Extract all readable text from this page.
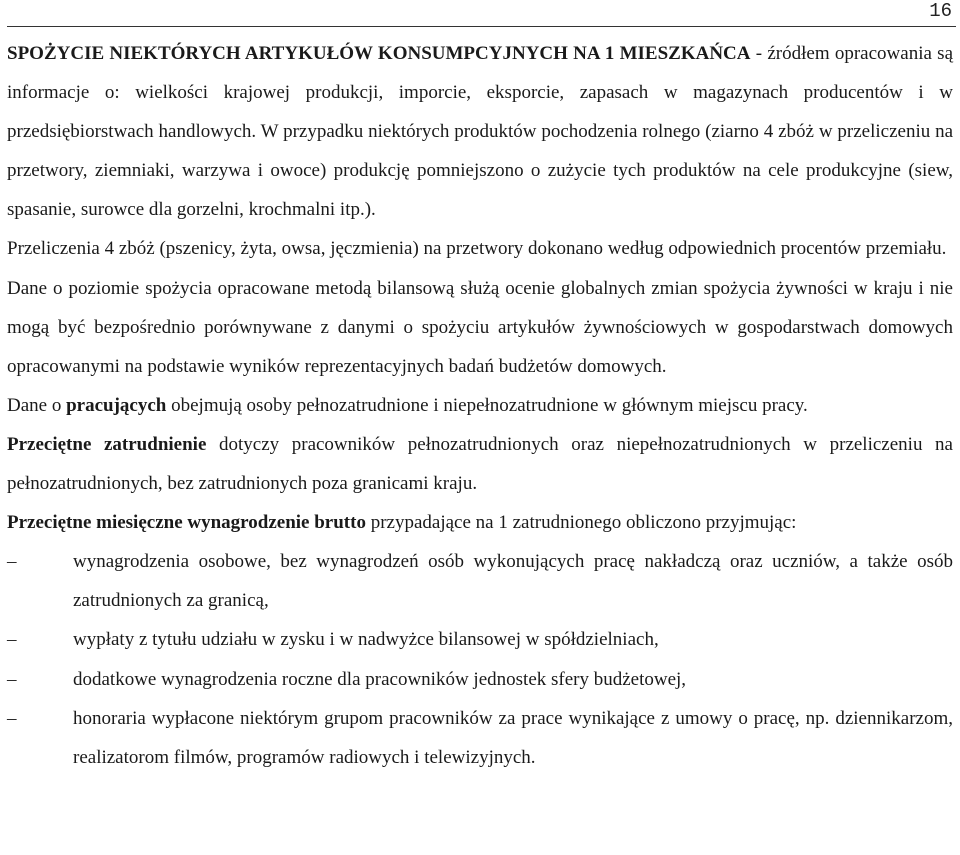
16

SPOŻYCIE NIEKTÓRYCH ARTYKUŁÓW KONSUMPCYJNYCH NA 1 MIESZKAŃCA - źródłem opracowania są informacje o: wielkości krajowej produkcji, imporcie, eksporcie, zapasach w magazynach producentów i w przedsiębiorstwach handlowych. W przypadku niektórych produktów pochodzenia rolnego (ziarno 4 zbóż w przeliczeniu na przetwory, ziemniaki, warzywa i owoce) produkcję pomniejszono o zużycie tych produktów na cele produkcyjne (siew, spasanie, surowce dla gorzelni, krochmalni itp.).

Przeliczenia 4 zbóż (pszenicy, żyta, owsa, jęczmienia) na przetwory dokonano według odpowiednich procentów przemiału.

Dane o poziomie spożycia opracowane metodą bilansową służą ocenie globalnych zmian spożycia żywności w kraju i nie mogą być bezpośrednio porównywane z danymi o spożyciu artykułów żywnościowych w gospodarstwach domowych opracowanymi na podstawie wyników reprezentacyjnych badań budżetów domowych.

Dane o pracujących obejmują osoby pełnozatrudnione i niepełnozatrudnione w głównym miejscu pracy.

Przeciętne zatrudnienie dotyczy pracowników pełnozatrudnionych oraz niepełnozatrudnionych w przeliczeniu na pełnozatrudnionych, bez zatrudnionych poza granicami kraju.

Przeciętne miesięczne wynagrodzenie brutto przypadające na 1 zatrudnionego obliczono przyjmując:

–	wynagrodzenia osobowe, bez wynagrodzeń osób wykonujących pracę nakładczą oraz uczniów, a także osób zatrudnionych za granicą,
–	wypłaty z tytułu udziału w zysku i w nadwyżce bilansowej w spółdzielniach,
–	dodatkowe wynagrodzenia roczne dla pracowników jednostek sfery budżetowej,
–	honoraria wypłacone niektórym grupom pracowników za prace wynikające z umowy o pracę, np. dziennikarzom, realizatorom filmów, programów radiowych i telewizyjnych.
